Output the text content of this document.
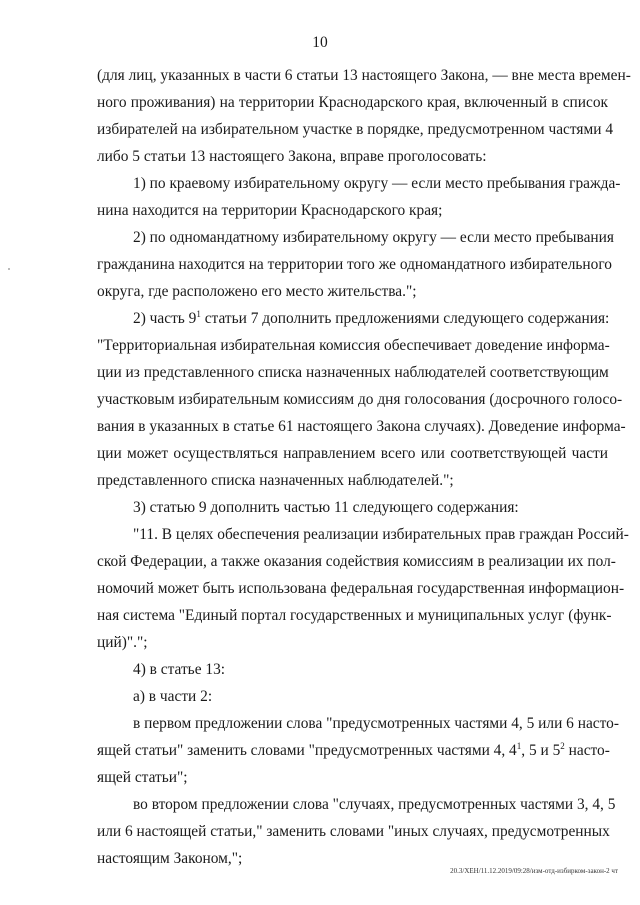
10
(для лиц, указанных в части 6 статьи 13 настоящего Закона, — вне места времен-
ного проживания) на территории Краснодарского края, включенный в список
избирателей на избирательном участке в порядке, предусмотренном частями 4
либо 5 статьи 13 настоящего Закона, вправе проголосовать:
1) по краевому избирательному округу — если место пребывания гражда-
нина находится на территории Краснодарского края;
2) по одномандатному избирательному округу — если место пребывания
гражданина находится на территории того же одномандатного избирательного
округа, где расположено его место жительства.";
2) часть $9^1$ статьи 7 дополнить предложениями следующего содержания:
"Территориальная избирательная комиссия обеспечивает доведение информа-
ции из представленного списка назначенных наблюдателей соответствующим
участковым избирательным комиссиям до дня голосования (досрочного голосо-
вания в указанных в статье 61 настоящего Закона случаях). Доведение информа-
ции может осуществляться направлением всего или соответствующей части
представленного списка назначенных наблюдателей.";
3) статью 9 дополнить частью 11 следующего содержания:
"11. В целях обеспечения реализации избирательных прав граждан Россий-
ской Федерации, а также оказания содействия комиссиям в реализации их пол-
номочий может быть использована федеральная государственная информацион-
ная система "Единый портал государственных и муниципальных услуг (функ-
ций)".";
4) в статье 13:
а) в части 2:
в первом предложении слова "предусмотренных частями 4, 5 или 6 насто-
ящей статьи" заменить словами "предусмотренных частями 4, $4^1$, 5 и $5^2$ насто-
ящей статьи";
во втором предложении слова "случаях, предусмотренных частями 3, 4, 5
или 6 настоящей статьи," заменить словами "иных случаях, предусмотренных
настоящим Законом,";
20.3/ХЕН/11.12.2019/09:28/изм-отд-избирком-закон-2 чт
